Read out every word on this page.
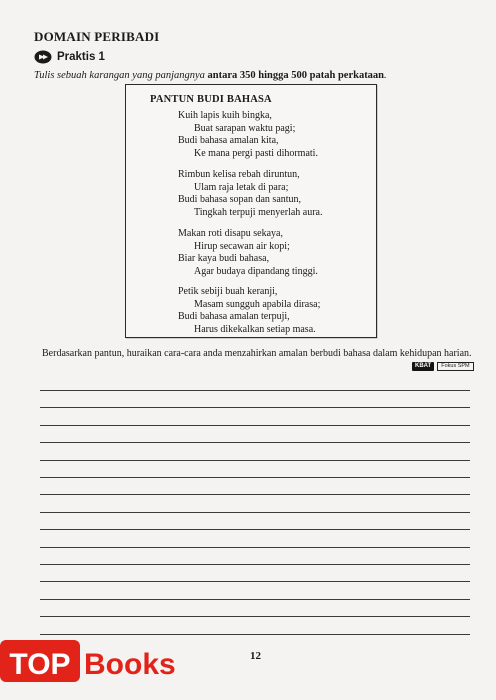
DOMAIN PERIBADI
Praktis 1
Tulis sebuah karangan yang panjangnya antara 350 hingga 500 patah perkataan.
PANTUN BUDI BAHASA
Kuih lapis kuih bingka,
Buat sarapan waktu pagi;
Budi bahasa amalan kita,
Ke mana pergi pasti dihormati.
Rimbun kelisa rebah diruntun,
Ulam raja letak di para;
Budi bahasa sopan dan santun,
Tingkah terpuji menyerlah aura.
Makan roti disapu sekaya,
Hirup secawan air kopi;
Biar kaya budi bahasa,
Agar budaya dipandang tinggi.
Petik sebiji buah keranji,
Masam sungguh apabila dirasa;
Budi bahasa amalan terpuji,
Harus dikekalkan setiap masa.
Berdasarkan pantun, huraikan cara-cara anda menzahirkan amalan berbudi bahasa dalam kehidupan harian.
KBAT	Fokus SPM
12
TOP Books
